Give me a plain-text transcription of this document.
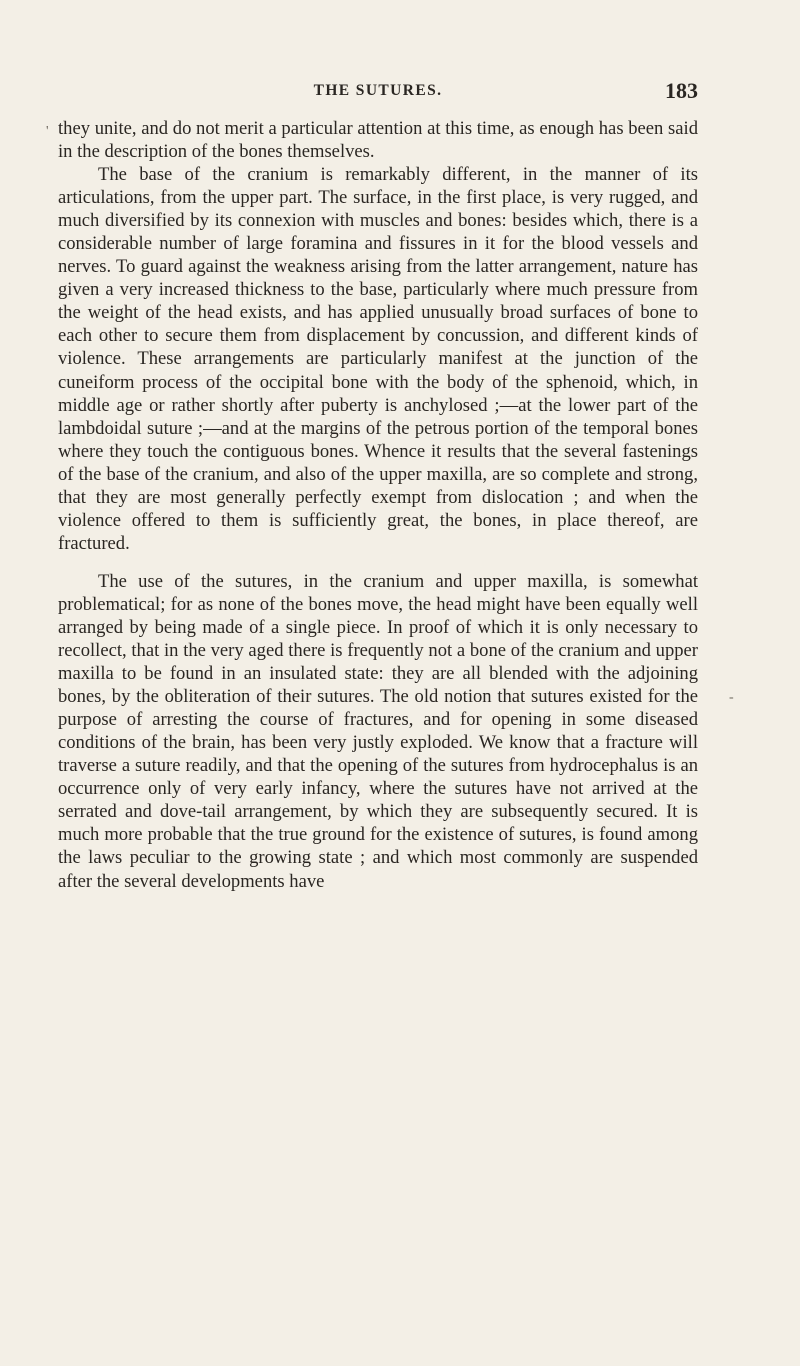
THE SUTURES.	183
'
-

they unite, and do not merit a particular attention at this time, as enough has been said in the description of the bones themselves.

The base of the cranium is remarkably different, in the manner of its articulations, from the upper part. The surface, in the first place, is very rugged, and much diversified by its connexion with muscles and bones: besides which, there is a considerable number of large foramina and fissures in it for the blood vessels and nerves. To guard against the weakness arising from the latter arrangement, nature has given a very increased thickness to the base, particularly where much pressure from the weight of the head exists, and has applied unusually broad surfaces of bone to each other to secure them from displacement by concussion, and different kinds of violence. These arrangements are particularly manifest at the junction of the cuneiform process of the occipital bone with the body of the sphenoid, which, in middle age or rather shortly after puberty is anchylosed ;—at the lower part of the lambdoidal suture ;—and at the margins of the petrous portion of the temporal bones where they touch the contiguous bones. Whence it results that the several fastenings of the base of the cranium, and also of the upper maxilla, are so complete and strong, that they are most generally perfectly exempt from dislocation ; and when the violence offered to them is sufficiently great, the bones, in place thereof, are fractured.

The use of the sutures, in the cranium and upper maxilla, is somewhat problematical; for as none of the bones move, the head might have been equally well arranged by being made of a single piece. In proof of which it is only necessary to recollect, that in the very aged there is frequently not a bone of the cranium and upper maxilla to be found in an insulated state: they are all blended with the adjoining bones, by the obliteration of their sutures. The old notion that sutures existed for the purpose of arresting the course of fractures, and for opening in some diseased conditions of the brain, has been very justly exploded. We know that a fracture will traverse a suture readily, and that the opening of the sutures from hydrocephalus is an occurrence only of very early infancy, where the sutures have not arrived at the serrated and dove-tail arrangement, by which they are subsequently secured. It is much more probable that the true ground for the existence of sutures, is found among the laws peculiar to the growing state ; and which most commonly are suspended after the several developments have
